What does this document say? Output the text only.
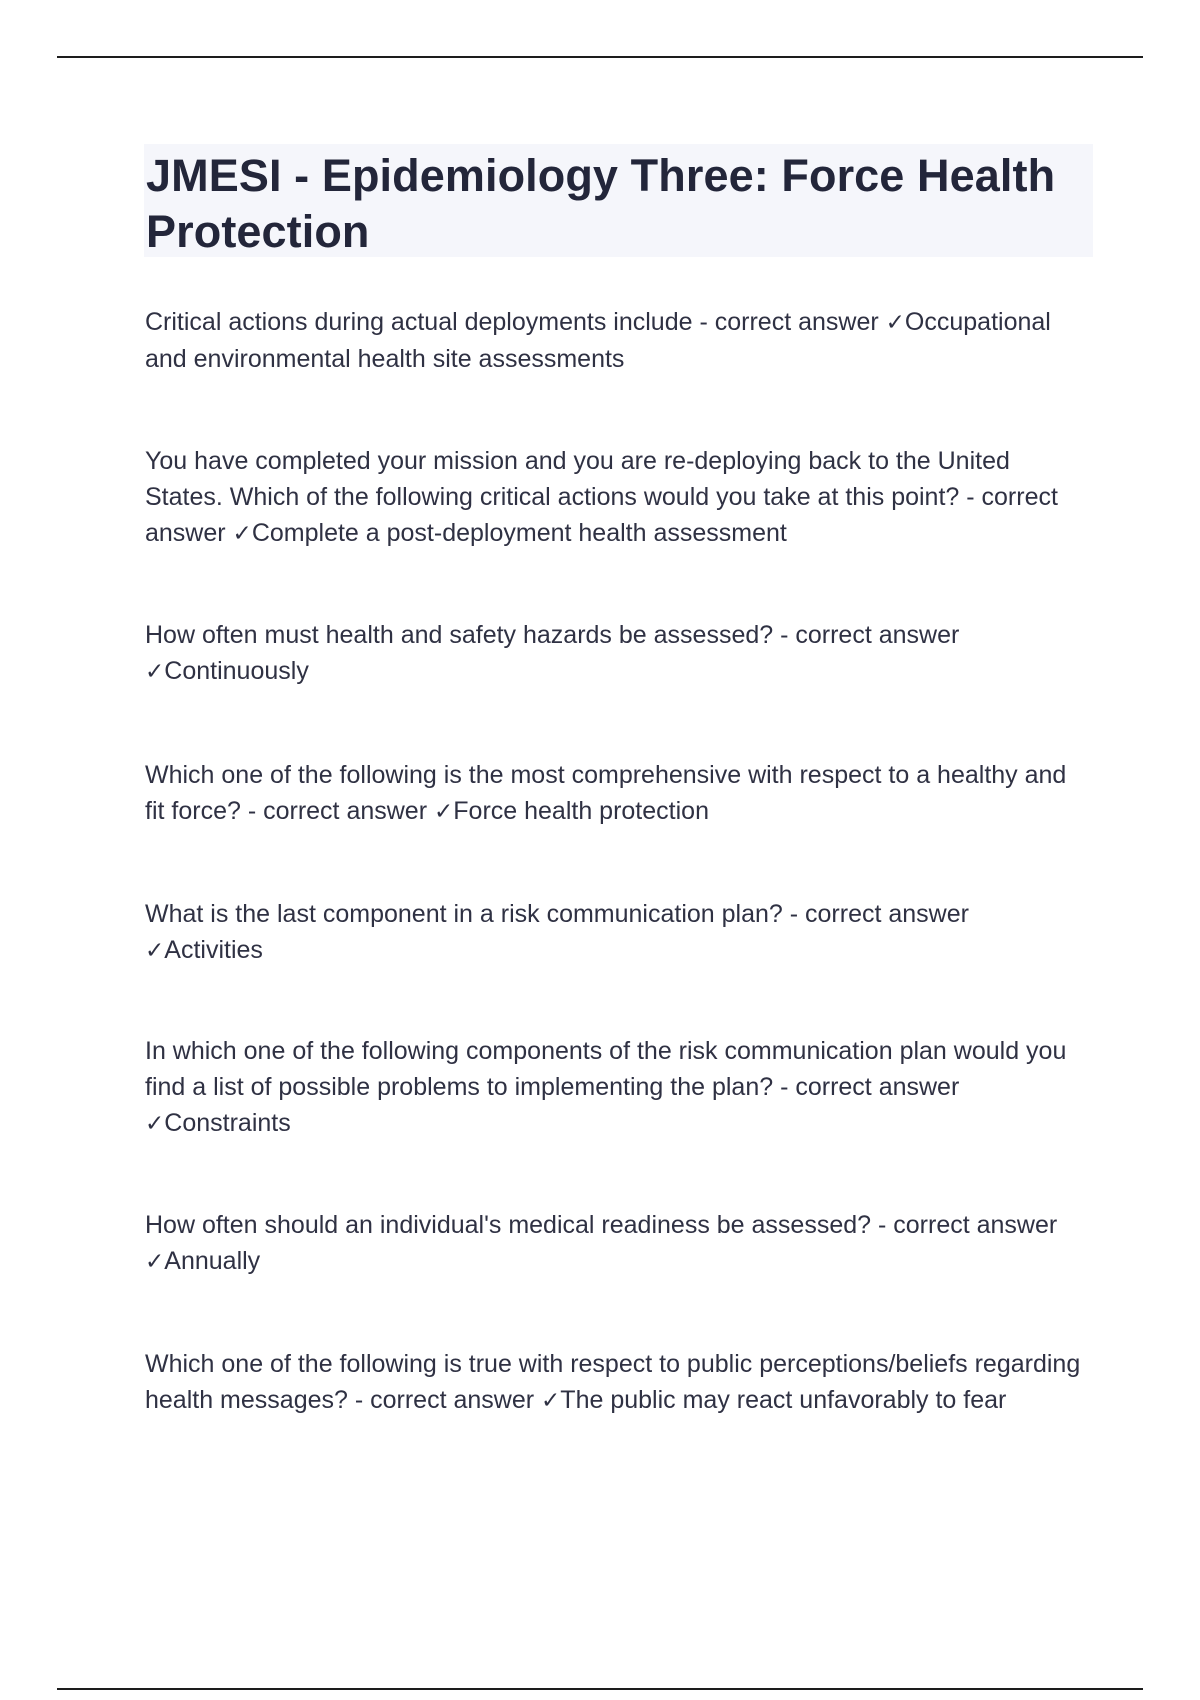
JMESI - Epidemiology Three: Force Health Protection

Critical actions during actual deployments include - correct answer ✓Occupational and environmental health site assessments

You have completed your mission and you are re-deploying back to the United States. Which of the following critical actions would you take at this point? - correct answer ✓Complete a post-deployment health assessment

How often must health and safety hazards be assessed? - correct answer ✓Continuously

Which one of the following is the most comprehensive with respect to a healthy and fit force? - correct answer ✓Force health protection

What is the last component in a risk communication plan? - correct answer ✓Activities

In which one of the following components of the risk communication plan would you find a list of possible problems to implementing the plan? - correct answer ✓Constraints

How often should an individual's medical readiness be assessed? - correct answer ✓Annually

Which one of the following is true with respect to public perceptions/beliefs regarding health messages? - correct answer ✓The public may react unfavorably to fear
